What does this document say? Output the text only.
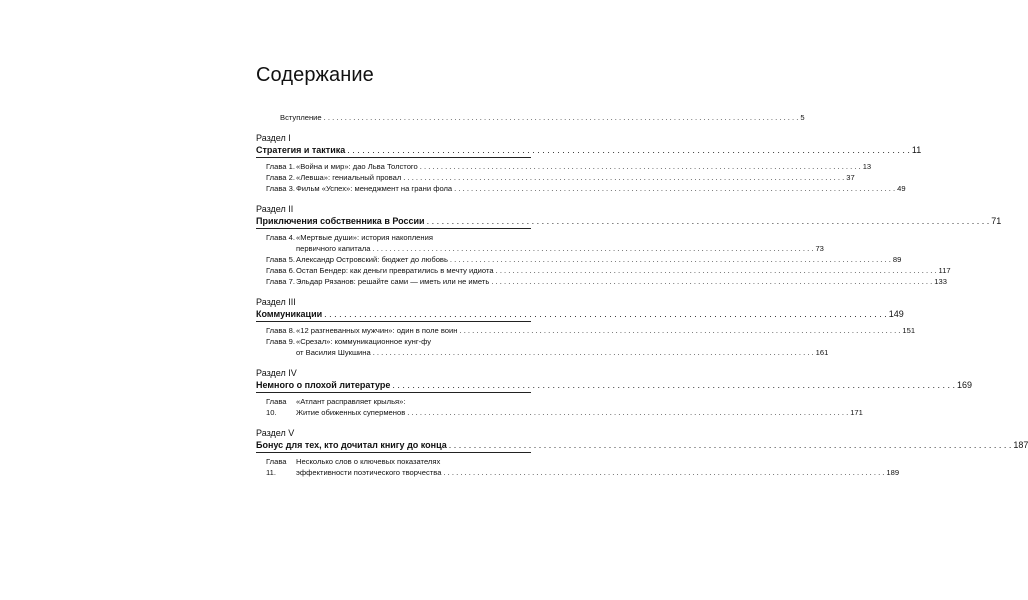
Содержание
Вступление . . .	5
Раздел I
Стратегия и тактика . . .	11
Глава 1. «Война и мир»: дао Льва Толстого . . .	13
Глава 2. «Левша»: гениальный провал . . .	37
Глава 3. Фильм «Успех»: менеджмент на грани фола . . .	49
Раздел II
Приключения собственника в России . . .	71
Глава 4. «Мертвые души»: история накопления
первичного капитала . . .	73
Глава 5. Александр Островский: бюджет до любовь . . .	89
Глава 6. Остап Бендер: как деньги превратились в мечту идиота . . .	117
Глава 7. Эльдар Рязанов: решайте сами — иметь или не иметь . . .	133
Раздел III
Коммуникации . . .	149
Глава 8. «12 разгневанных мужчин»: один в поле воин . . .	151
Глава 9. «Срезал»: коммуникационное кунг-фу
от Василия Шукшина . . .	161
Раздел IV
Немного о плохой литературе . . .	169
Глава 10.
«Атлант расправляет крылья»:
Житие обиженных суперменов . . .	171
Раздел V
Бонус для тех, кто дочитал книгу до конца . . .	187
Глава 11.
Несколько слов о ключевых показателях
эффективности поэтического творчества . . .	189
